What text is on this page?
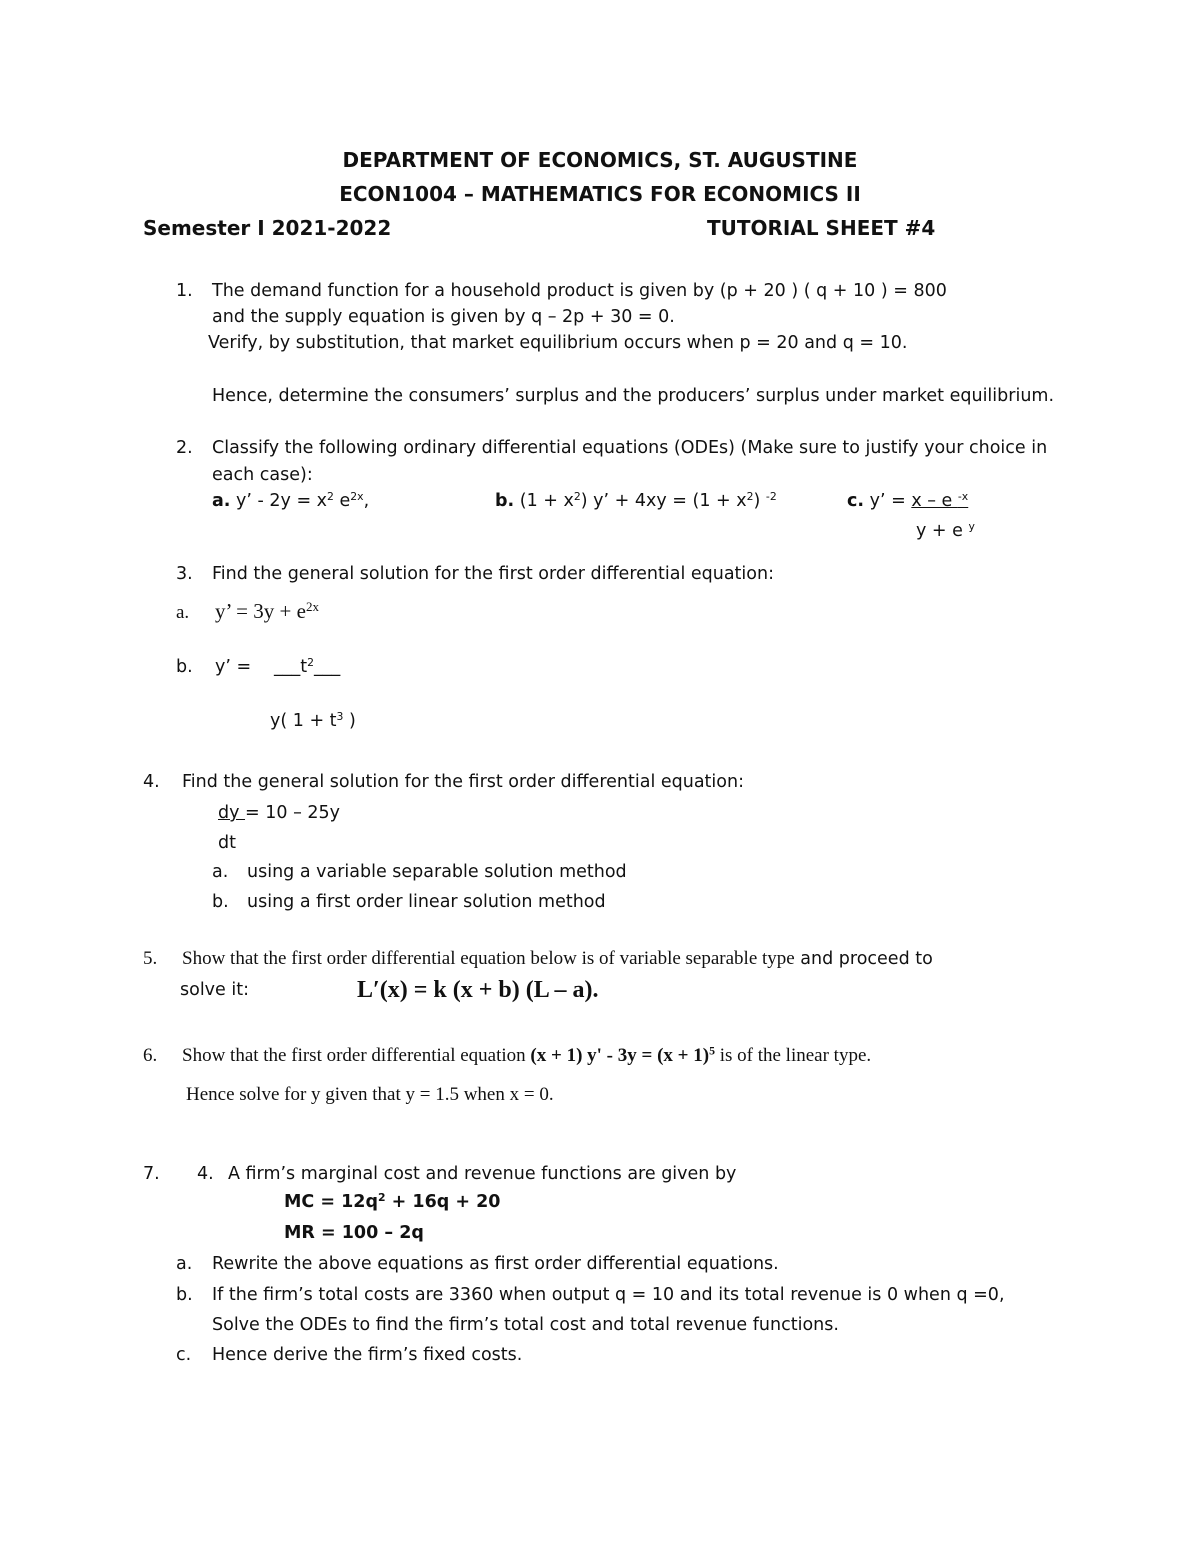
DEPARTMENT OF ECONOMICS, ST. AUGUSTINE
ECON1004 – MATHEMATICS FOR ECONOMICS II
Semester I 2021-2022	TUTORIAL SHEET #4
1. The demand function for a household product is given by (p + 20 ) ( q + 10 ) = 800
and the supply equation is given by q – 2p + 30 = 0.
Verify, by substitution, that market equilibrium occurs when p = 20 and q = 10.
Hence, determine the consumers’ surplus and the producers’ surplus under market equilibrium.
2. Classify the following ordinary differential equations (ODEs) (Make sure to justify your choice in
each case):
a. y’ - $2y = x^2$ $e^{2x}$,	b. $(1 + x^2)$ y’ + $4xy = (1 + x^2)$ $^{-2}$	c. y’ = x – e $^{-x}$
y + e $^y$
3. Find the general solution for the first order differential equation:
a. y’ = $3y + e^{2x}$
b. y’ = $\_\_\_t^2\_\_\_$
y( $1 + t^3$ )
4. Find the general solution for the first order differential equation:
dy = 10 – 25y
dt
a. using a variable separable solution method
b. using a first order linear solution method
5. Show that the first order differential equation below is of variable separable type and proceed to
solve it:	L′(x) = k (x + b) (L – a).
6. Show that the first order differential equation (x + 1) $y' - 3y = (x + 1)^5$ is of the linear type.
Hence solve for y given that y = 1.5 when x = 0.
7. 4. A firm’s marginal cost and revenue functions are given by
MC = $12q^2 + 16q + 20$
MR = 100 – 2q
a. Rewrite the above equations as first order differential equations.
b. If the firm’s total costs are 3360 when output q = 10 and its total revenue is 0 when q =0,
Solve the ODEs to find the firm’s total cost and total revenue functions.
c. Hence derive the firm’s fixed costs.
